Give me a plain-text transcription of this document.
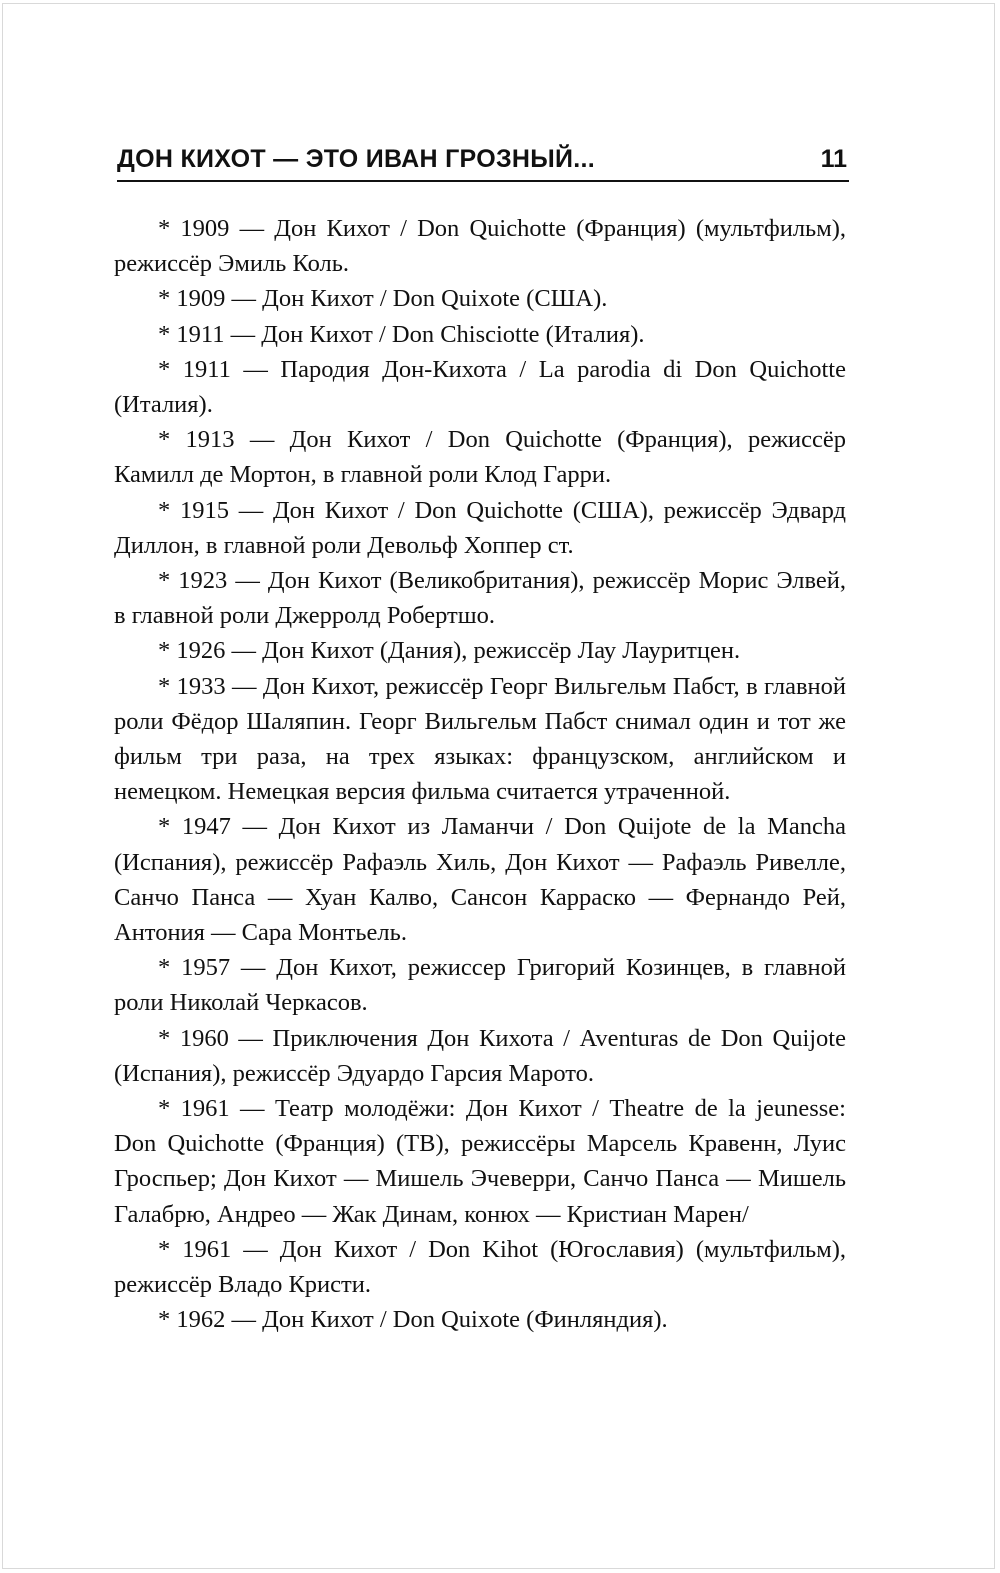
ДОН КИХОТ — ЭТО ИВАН ГРОЗНЫЙ...	11

* 1909 — Дон Кихот / Don Quichotte (Франция) (мультфильм), режиссёр Эмиль Коль.

* 1909 — Дон Кихот / Don Quixote (США).

* 1911 — Дон Кихот / Don Chisciotte (Италия).

* 1911 — Пародия Дон-Кихота / La parodia di Don Quichotte (Италия).

* 1913 — Дон Кихот / Don Quichotte (Франция), режиссёр Камилл де Мортон, в главной роли Клод Гарри.

* 1915 — Дон Кихот / Don Quichotte (США), режиссёр Эдвард Диллон, в главной роли Девольф Хоппер ст.

* 1923 — Дон Кихот (Великобритания), режиссёр Морис Элвей, в главной роли Джерролд Робертшо.

* 1926 — Дон Кихот (Дания), режиссёр Лау Лауритцен.

* 1933 — Дон Кихот, режиссёр Георг Вильгельм Пабст, в главной роли Фёдор Шаляпин. Георг Вильгельм Пабст снимал один и тот же фильм три раза, на трех языках: французском, английском и немецком. Немецкая версия фильма считается утраченной.

* 1947 — Дон Кихот из Ламанчи / Don Quijote de la Mancha (Испания), режиссёр Рафаэль Хиль, Дон Кихот — Рафаэль Ривелле, Санчо Панса — Хуан Калво, Сансон Карраско — Фернандо Рей, Антония — Сара Монтьель.

* 1957 — Дон Кихот, режиссер Григорий Козинцев, в главной роли Николай Черкасов.

* 1960 — Приключения Дон Кихота / Aventuras de Don Quijote (Испания), режиссёр Эдуардо Гарсия Марото.

* 1961 — Театр молодёжи: Дон Кихот / Theatre de la jeunesse: Don Quichotte (Франция) (ТВ), режиссёры Марсель Кравенн, Луис Гроспьер; Дон Кихот — Мишель Эчеверри, Санчо Панса — Мишель Галабрю, Андрео — Жак Динам, конюх — Кристиан Марен/

* 1961 — Дон Кихот / Don Kihot (Югославия) (мультфильм), режиссёр Владо Кристи.

* 1962 — Дон Кихот / Don Quixote (Финляндия).
